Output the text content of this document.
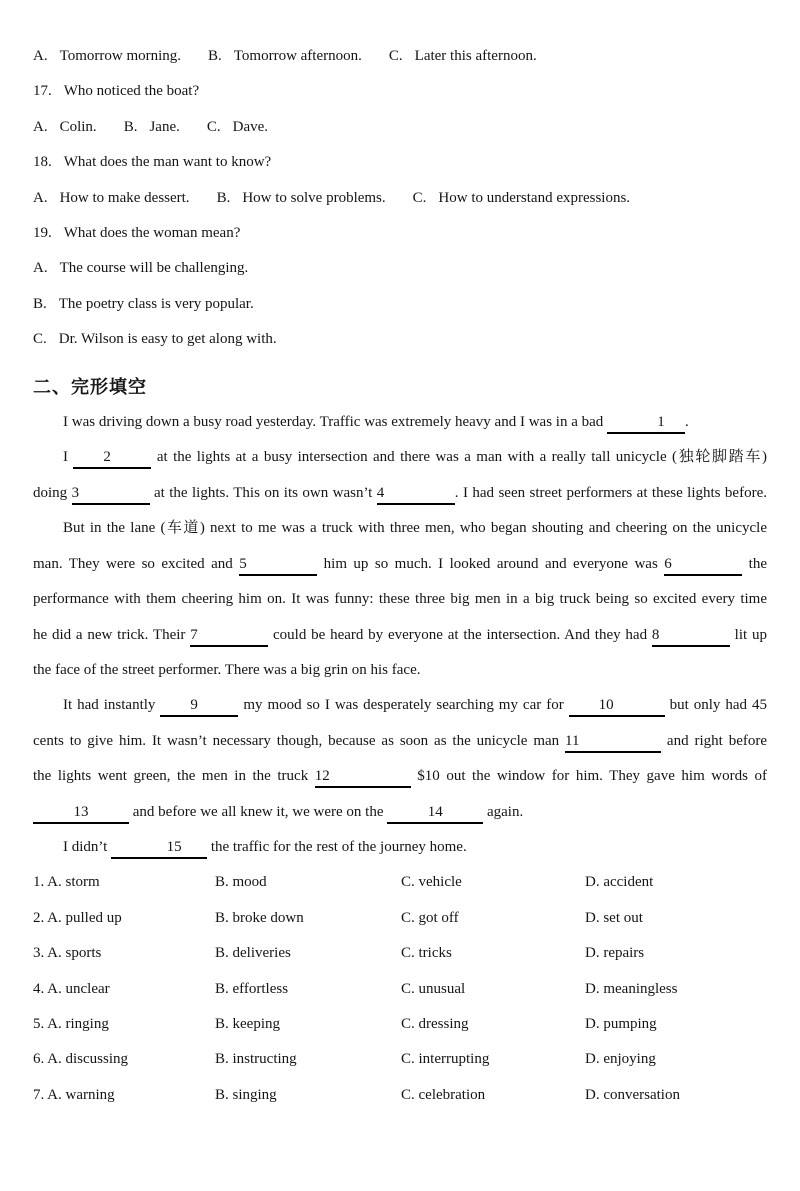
A. Tomorrow morning. B. Tomorrow afternoon. C. Later this afternoon.
17. Who noticed the boat?
A. Colin. B. Jane. C. Dave.
18. What does the man want to know?
A. How to make dessert. B. How to solve problems. C. How to understand expressions.
19. What does the woman mean?
A. The course will be challenging.
B. The poetry class is very popular.
C. Dr. Wilson is easy to get along with.
二、完形填空
I was driving down a busy road yesterday. Traffic was extremely heavy and I was in a bad	1 .
I 2	at the lights at a busy intersection and there was a man with a really tall unicycle (独轮脚踏车)
doing 3	at the lights. This on its own wasn’t 4	. I had seen street performers at these lights before.
But in the lane (车道) next to me was a truck with three men, who began shouting and cheering on the unicycle
man. They were so excited and 5	him up so much. I looked around and everyone was 6	the
performance with them cheering him on. It was funny: these three big men in a big truck being so excited every time
he did a new trick. Their 7	could be heard by everyone at the intersection. And they had 8	lit up
the face of the street performer. There was a big grin on his face.
It had instantly 9	my mood so I was desperately searching my car for 10	but only had 45
cents to give him. It wasn’t necessary though, because as soon as the unicycle man 11	and right before
the lights went green, the men in the truck 12	$10 out the window for him. They gave him words of
13	and before we all knew it, we were on the	14	again.
I didn’t	15 the traffic for the rest of the journey home.
1. A. storm	B. mood	C. vehicle	D. accident
2. A. pulled up	B. broke down	C. got off	D. set out
3. A. sports	B. deliveries	C. tricks	D. repairs
4. A. unclear	B. effortless	C. unusual	D. meaningless
5. A. ringing	B. keeping	C. dressing	D. pumping
6. A. discussing	B. instructing	C. interrupting	D. enjoying
7. A. warning	B. singing	C. celebration	D. conversation
